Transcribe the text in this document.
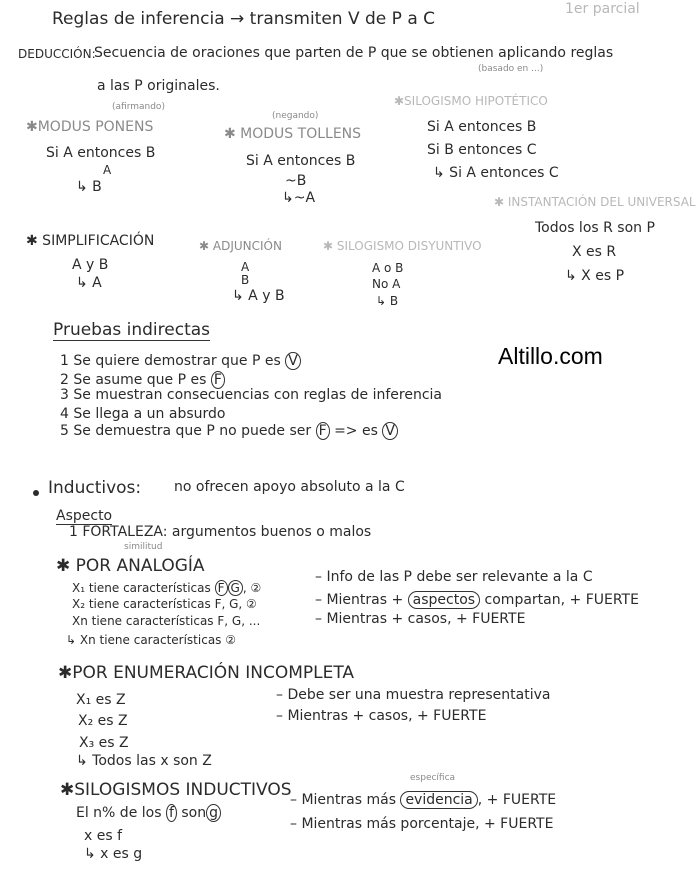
1er parcial
Reglas de inferencia → transmiten V de P a C
DEDUCCIÓN:
Secuencia de oraciones que parten de P que se obtienen aplicando reglas
(basado en ...)
a las P originales.
(afirmando)
✱MODUS PONENS
Si A entonces B
A
↳ B
(negando)
✱ MODUS TOLLENS
Si A entonces B
~B
↳~A
✱SILOGISMO HIPOTÉTICO
Si A entonces B
Si B entonces C
↳ Si A entonces C
✱ INSTANTACIÓN DEL UNIVERSAL
Todos los R son P
X es R
↳ X es P
✱ SIMPLIFICACIÓN
A y B
↳ A
✱ ADJUNCIÓN
A
B
↳ A y B
✱ SILOGISMO DISYUNTIVO
A o B
No A
↳ B
Pruebas indirectas
1 Se quiere demostrar que P es V
2 Se asume que P es F
3 Se muestran consecuencias con reglas de inferencia
4 Se llega a un absurdo
5 Se demuestra que P no puede ser F => es V
Altillo.com
Inductivos: no ofrecen apoyo absoluto a la C
Aspecto
1 FORTALEZA: argumentos buenos o malos
similitud
✱ POR ANALOGÍA
X₁ tiene características F G , ②
X₂ tiene características F, G, ②
Xn tiene características F, G, ...
↳ Xn tiene características ②
– Info de las P debe ser relevante a la C
– Mientras + aspectos compartan, + FUERTE
– Mientras + casos, + FUERTE
✱POR ENUMERACIÓN INCOMPLETA
X₁ es Z
X₂ es Z
X₃ es Z
↳ Todos las x son Z
– Debe ser una muestra representativa
– Mientras + casos, + FUERTE
✱SILOGISMOS INDUCTIVOS
El n% de los f son g
x es f
↳ x es g
específica
– Mientras más evidencia , + FUERTE
– Mientras más porcentaje, + FUERTE
